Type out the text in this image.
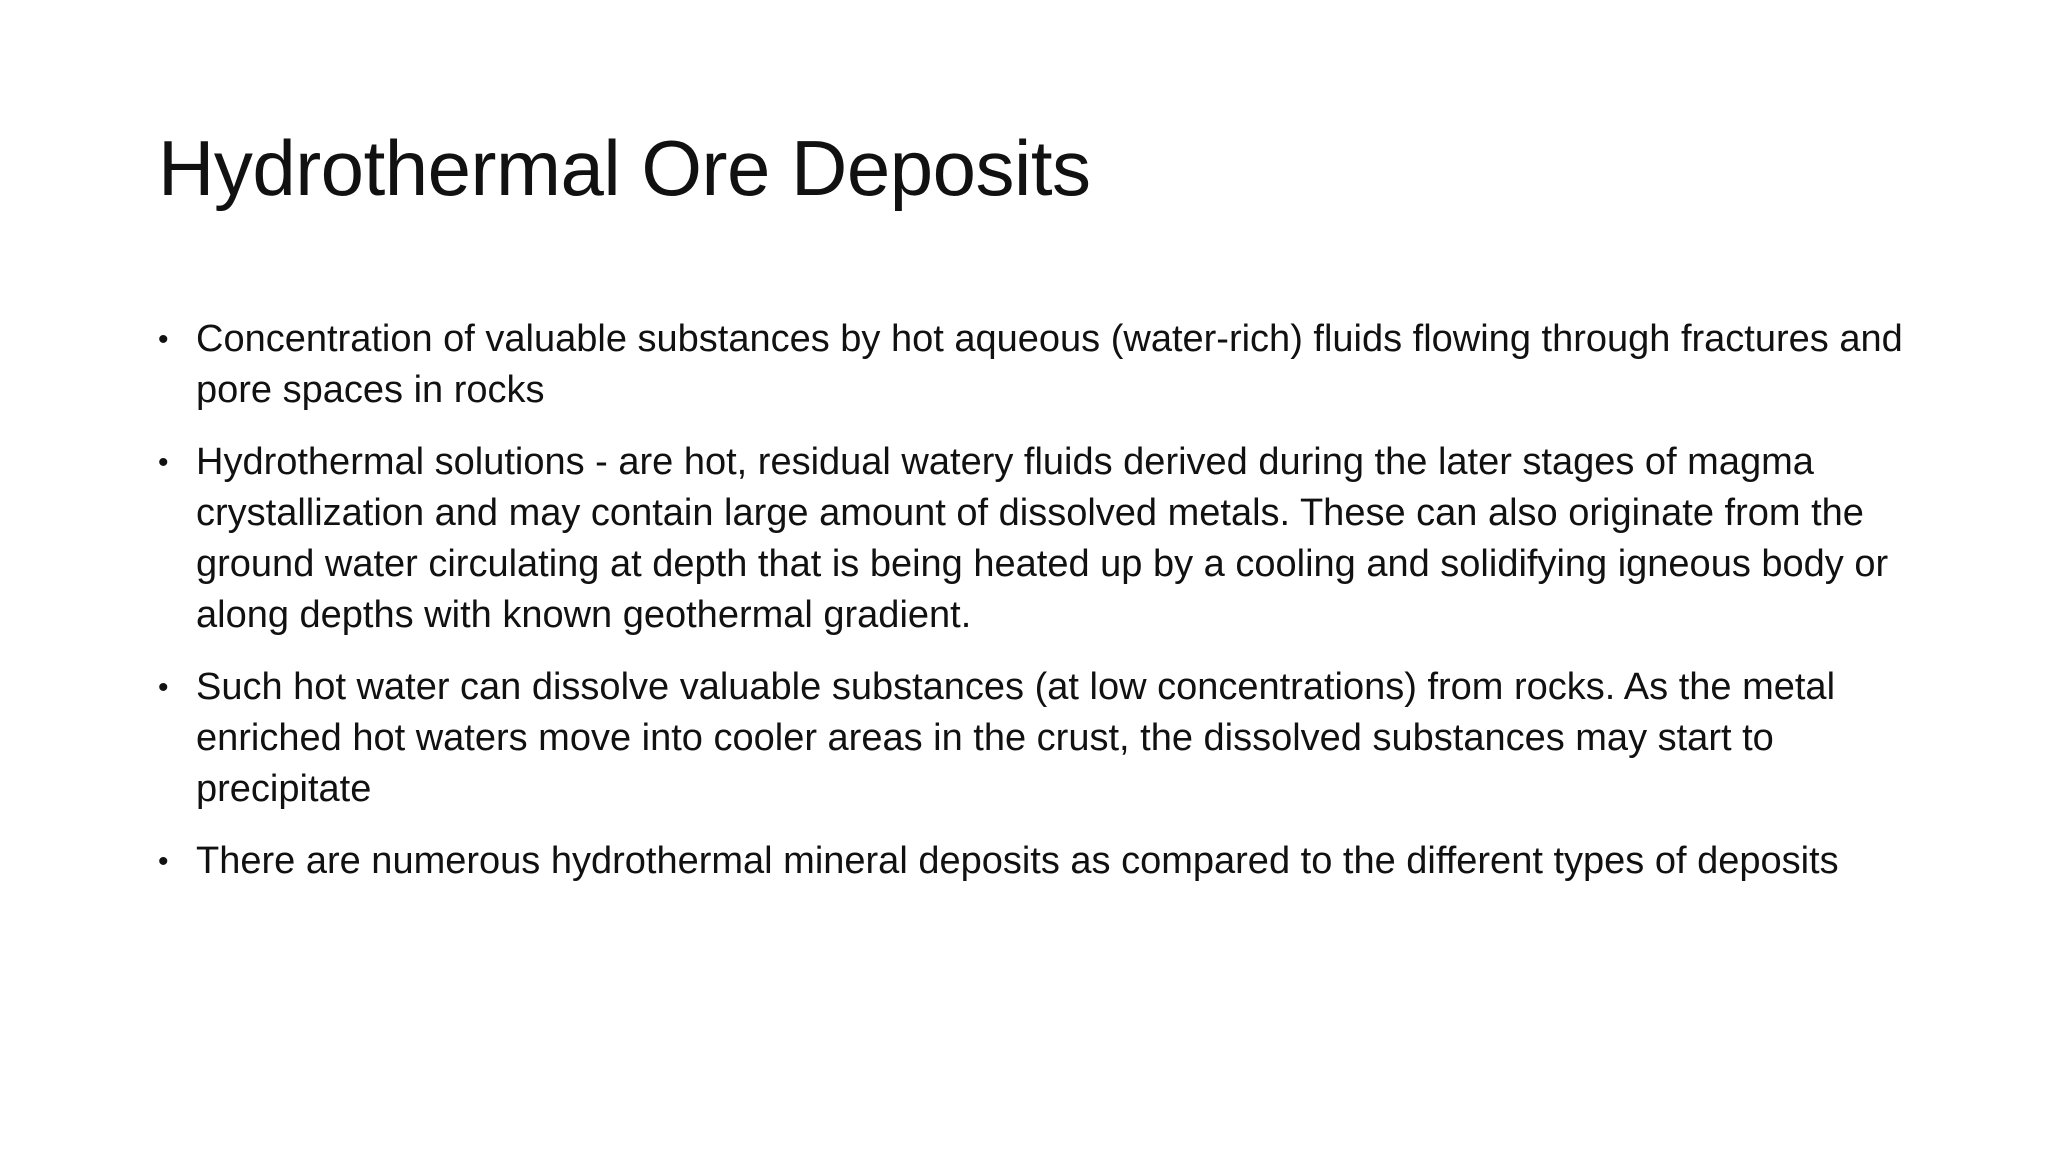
Hydrothermal Ore Deposits
• Concentration of valuable substances by hot aqueous (water-rich) fluids flowing through fractures and pore spaces in rocks
• Hydrothermal solutions - are hot, residual watery fluids derived during the later stages of magma crystallization and may contain large amount of dissolved metals. These can also originate from the ground water circulating at depth that is being heated up by a cooling and solidifying igneous body or along depths with known geothermal gradient.
• Such hot water can dissolve valuable substances (at low concentrations) from rocks. As the metal enriched hot waters move into cooler areas in the crust, the dissolved substances may start to precipitate
• There are numerous hydrothermal mineral deposits as compared to the different types of deposits
